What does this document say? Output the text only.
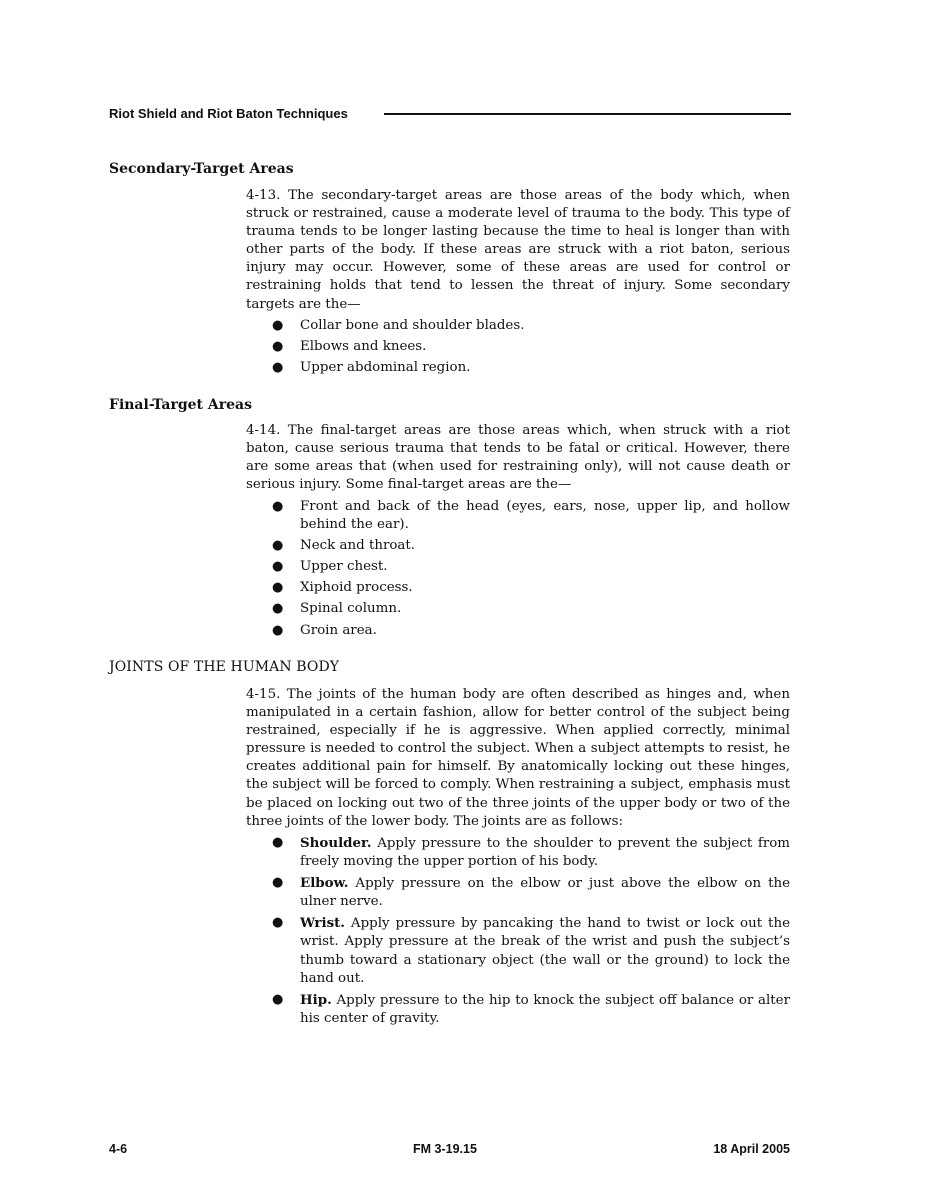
Riot Shield and Riot Baton Techniques
Secondary-Target Areas

4-13. The secondary-target areas are those areas of the body which, when struck or restrained, cause a moderate level of trauma to the body. This type of trauma tends to be longer lasting because the time to heal is longer than with other parts of the body. If these areas are struck with a riot baton, serious injury may occur. However, some of these areas are used for control or restraining holds that tend to lessen the threat of injury. Some secondary targets are the—

● Collar bone and shoulder blades.
● Elbows and knees.
● Upper abdominal region.
Final-Target Areas

4-14. The final-target areas are those areas which, when struck with a riot baton, cause serious trauma that tends to be fatal or critical. However, there are some areas that (when used for restraining only), will not cause death or serious injury. Some final-target areas are the—

● Front and back of the head (eyes, ears, nose, upper lip, and hollow behind the ear).
● Neck and throat.
● Upper chest.
● Xiphoid process.
● Spinal column.
● Groin area.
JOINTS OF THE HUMAN BODY

4-15. The joints of the human body are often described as hinges and, when manipulated in a certain fashion, allow for better control of the subject being restrained, especially if he is aggressive. When applied correctly, minimal pressure is needed to control the subject. When a subject attempts to resist, he creates additional pain for himself. By anatomically locking out these hinges, the subject will be forced to comply. When restraining a subject, emphasis must be placed on locking out two of the three joints of the upper body or two of the three joints of the lower body. The joints are as follows:

● Shoulder. Apply pressure to the shoulder to prevent the subject from freely moving the upper portion of his body.
● Elbow. Apply pressure on the elbow or just above the elbow on the ulner nerve.
● Wrist. Apply pressure by pancaking the hand to twist or lock out the wrist. Apply pressure at the break of the wrist and push the subject’s thumb toward a stationary object (the wall or the ground) to lock the hand out.
● Hip. Apply pressure to the hip to knock the subject off balance or alter his center of gravity.
4-6	FM 3-19.15	18 April 2005
